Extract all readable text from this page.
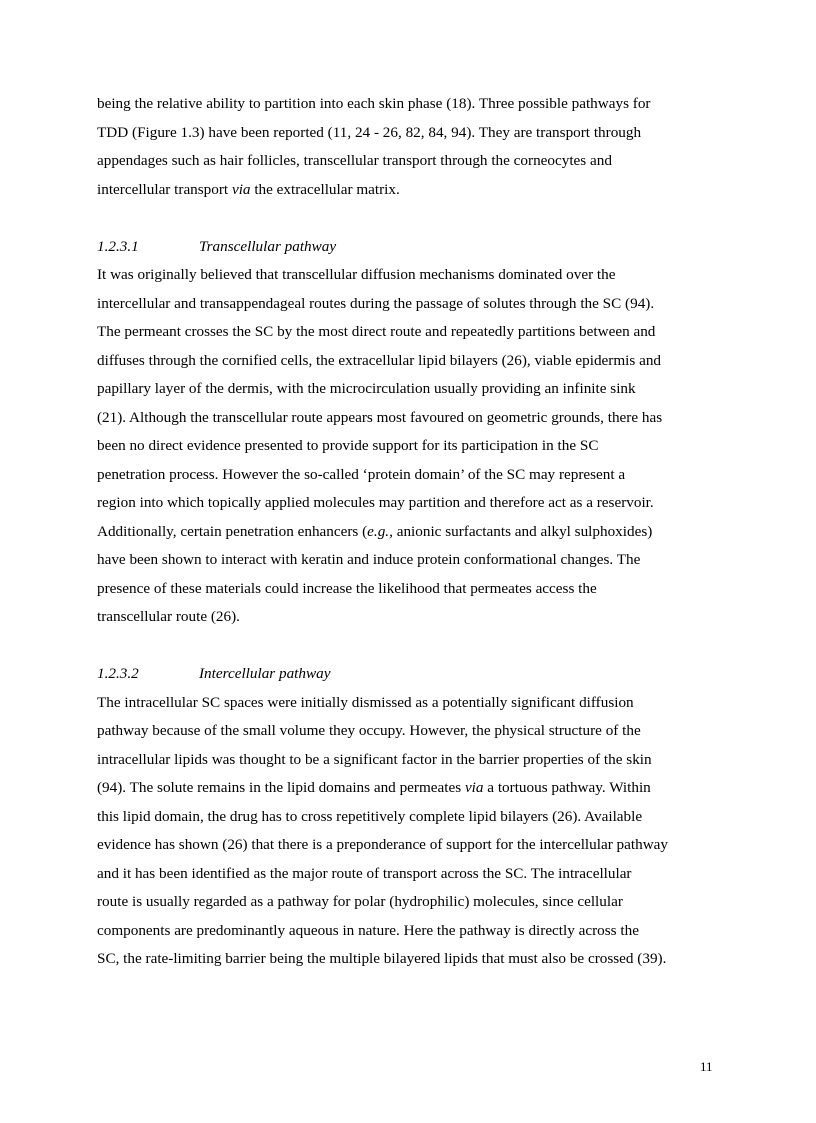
being the relative ability to partition into each skin phase (18). Three possible pathways for
TDD (Figure 1.3) have been reported (11, 24 - 26, 82, 84, 94). They are transport through
appendages such as hair follicles, transcellular transport through the corneocytes and
intercellular transport via the extracellular matrix.
1.2.3.1	Transcellular pathway
It was originally believed that transcellular diffusion mechanisms dominated over the
intercellular and transappendageal routes during the passage of solutes through the SC (94).
The permeant crosses the SC by the most direct route and repeatedly partitions between and
diffuses through the cornified cells, the extracellular lipid bilayers (26), viable epidermis and
papillary layer of the dermis, with the microcirculation usually providing an infinite sink
(21). Although the transcellular route appears most favoured on geometric grounds, there has
been no direct evidence presented to provide support for its participation in the SC
penetration process. However the so-called ‘protein domain’ of the SC may represent a
region into which topically applied molecules may partition and therefore act as a reservoir.
Additionally, certain penetration enhancers (e.g., anionic surfactants and alkyl sulphoxides)
have been shown to interact with keratin and induce protein conformational changes. The
presence of these materials could increase the likelihood that permeates access the
transcellular route (26).
1.2.3.2	Intercellular pathway
The intracellular SC spaces were initially dismissed as a potentially significant diffusion
pathway because of the small volume they occupy. However, the physical structure of the
intracellular lipids was thought to be a significant factor in the barrier properties of the skin
(94). The solute remains in the lipid domains and permeates via a tortuous pathway. Within
this lipid domain, the drug has to cross repetitively complete lipid bilayers (26). Available
evidence has shown (26) that there is a preponderance of support for the intercellular pathway
and it has been identified as the major route of transport across the SC. The intracellular
route is usually regarded as a pathway for polar (hydrophilic) molecules, since cellular
components are predominantly aqueous in nature. Here the pathway is directly across the
SC, the rate-limiting barrier being the multiple bilayered lipids that must also be crossed (39).
11
